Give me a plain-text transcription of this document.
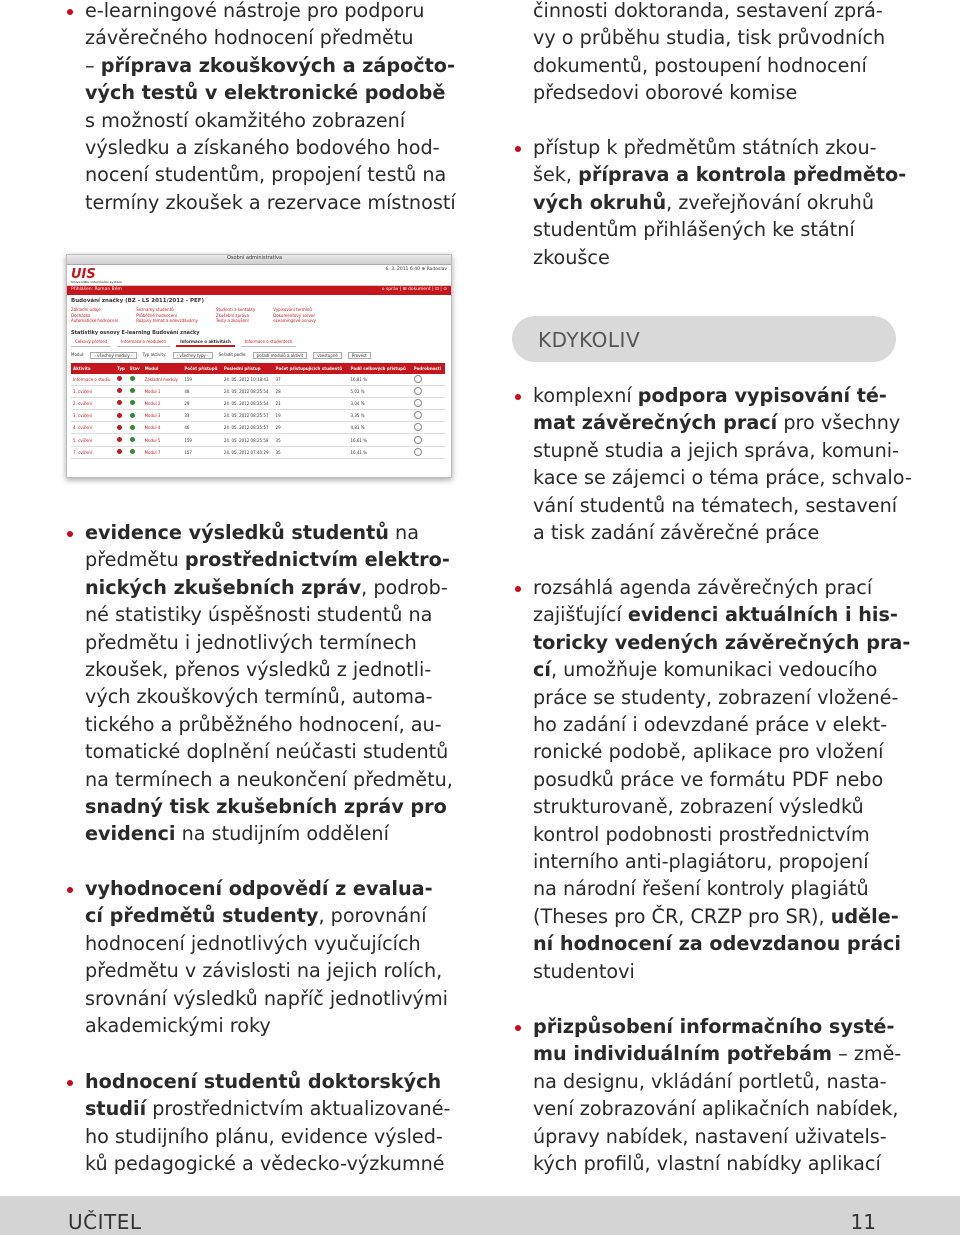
e-learningové nástroje pro podporu
závěrečného hodnocení předmětu
– příprava zkouškových a zápočto-
vých testů v elektronické podobě
s možností okamžitého zobrazení
výsledku a získaného bodového hod-
nocení studentům, propojení testů na
termíny zkoušek a rezervace místností
evidence výsledků studentů na
předmětu prostřednictvím elektro-
nických zkušebních zpráv, podrob-
né statistiky úspěšnosti studentů na
předmětu i jednotlivých termínech
zkoušek, přenos výsledků z jednotli-
vých zkouškových termínů, automa-
tického a průběžného hodnocení, au-
tomatické doplnění neúčasti studentů
na termínech a neukončení předmětu,
snadný tisk zkušebních zpráv pro
evidenci na studijním oddělení
vyhodnocení odpovědí z evalua-
cí předmětů studenty, porovnání
hodnocení jednotlivých vyučujících
předmětu v závislosti na jejich rolích,
srovnání výsledků napříč jednotlivými
akademickými roky
hodnocení studentů doktorských
studií prostřednictvím aktualizované-
ho studijního plánu, evidence výsled-
ků pedagogické a vědecko-výzkumné
činnosti doktoranda, sestavení zprá-
vy o průběhu studia, tisk průvodních
dokumentů, postoupení hodnocení
předsedovi oborové komise
přístup k předmětům státních zkou-
šek, příprava a kontrola předměto-
vých okruhů, zveřejňování okruhů
studentům přihlášených ke státní
zkoušce
komplexní podpora vypisování té-
mat závěrečných prací pro všechny
stupně studia a jejich správa, komuni-
kace se zájemci o téma práce, schvalo-
vání studentů na tématech, sestavení
a tisk zadání závěrečné práce
rozsáhlá agenda závěrečných prací
zajišťující evidenci aktuálních i his-
toricky vedených závěrečných pra-
cí, umožňuje komunikaci vedoucího
práce se studenty, zobrazení vložené-
ho zadání i odevzdané práce v elekt-
ronické podobě, aplikace pro vložení
posudků práce ve formátu PDF nebo
strukturovaně, zobrazení výsledků
kontrol podobnosti prostřednictvím
interního anti-plagiátoru, propojení
na národní řešení kontroly plagiátů
(Theses pro ČR, CRZP pro SR), uděle-
ní hodnocení za odevzdanou práci
studentovi
přizpůsobení informačního systé-
mu individuálním potřebám – změ-
na designu, vkládání portletů, nasta-
vení zobrazování aplikačních nabídek,
úpravy nabídek, nastavení uživatels-
kých profilů, vlastní nabídky aplikací
KDYKOLIV
Osobní administrativa
UIS
Univerzitní informační systém
6. 3. 2011 6:40 ⊕ Radoslav
Přihlášen: Roman Bém	⌂ správ | ⊞ dokument | ⊡ | ⊙
Budování značky (BZ - LS 2011/2012 - PEF)
Základní údaje
Docházka
Automatické hodnocení
Seznamy studentů
Průběžné hodnocení
Rozpisy témat a odevzdávárny
Studenti a kontakty
Zkušební zpráva
Testy a zkoušení
Vypisování termínů
Dokumentový server
eLearningové osnovy
Statistiky osnovy E-learning Budování značky
Celkový přehled	Informace o modulech	Informace o aktivitách	Informace o studentech
Modul:	- všechny moduly -	Typ aktivity:	- všechny typy -	Seřadit podle:	pořadí modulů a aktivit	vzestupně	Provést
Aktivita	Typ	Stav	Modul	Počet přístupů	Poslední přístup	Počet přístupujících studentů	Podíl celkových přístupů	Podrobnosti
Informace o studiu			Základní moduly	159	24. 05. 2012 10:18:43	37	16,81 %	
1. cvičení			Modul 1	48	24. 05. 2012 08:25:54	28	5,02 %	
2. cvičení			Modul 2	29	24. 05. 2012 08:25:54	21	3,04 %	
3. cvičení			Modul 3	33	24. 05. 2012 08:25:57	19	3,35 %	
4. cvičení			Modul 4	46	24. 05. 2012 08:25:57	29	4,81 %	
5. cvičení			Modul 5	159	24. 05. 2012 08:25:58	35	16,61 %	
7. cvičení			Modul 7	157	24. 05. 2012 07:40:29	35	16,41 %	
UČITEL	11
